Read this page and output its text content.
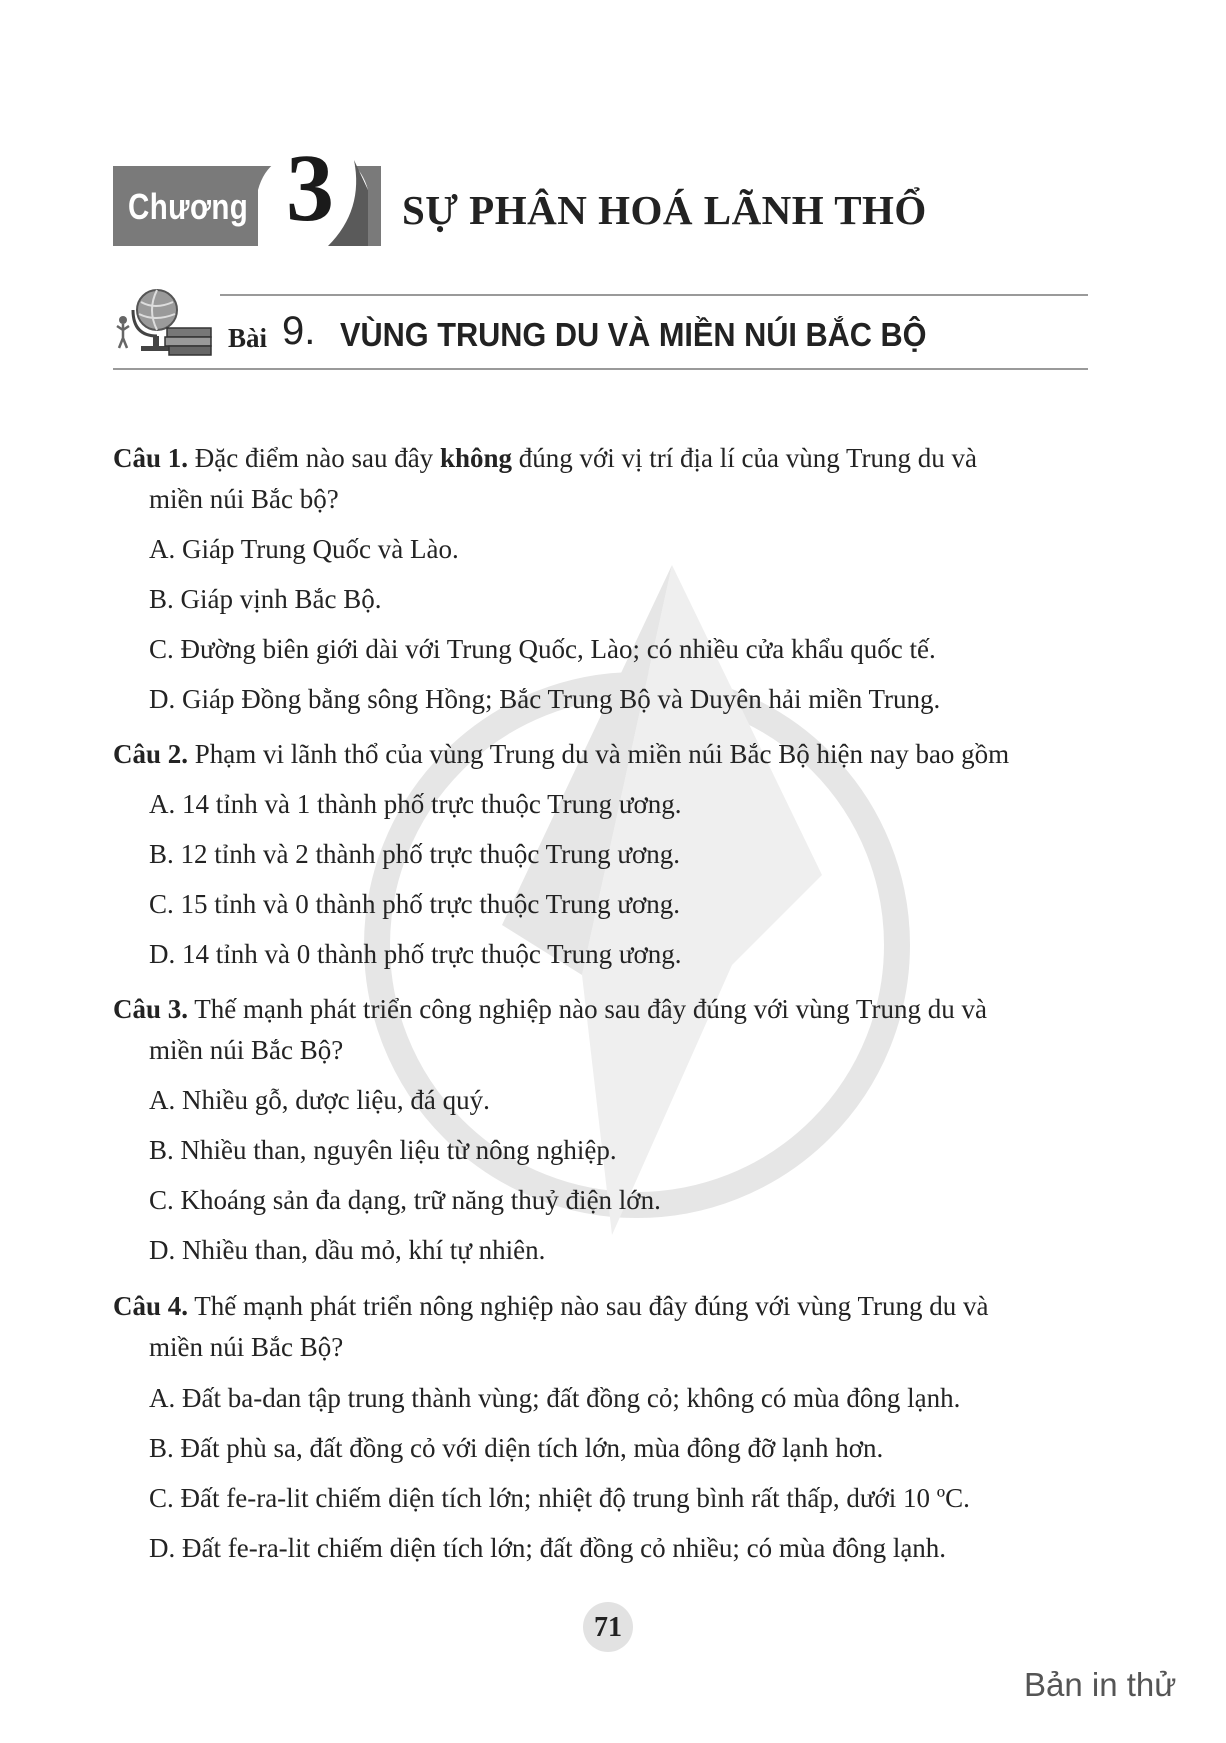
Chương 3	SỰ PHÂN HOÁ LÃNH THỔ
Bài 9. VÙNG TRUNG DU VÀ MIỀN NÚI BẮC BỘ
Câu 1. Đặc điểm nào sau đây không đúng với vị trí địa lí của vùng Trung du và
miền núi Bắc bộ?
A. Giáp Trung Quốc và Lào.
B. Giáp vịnh Bắc Bộ.
C. Đường biên giới dài với Trung Quốc, Lào; có nhiều cửa khẩu quốc tế.
D. Giáp Đồng bằng sông Hồng; Bắc Trung Bộ và Duyên hải miền Trung.
Câu 2. Phạm vi lãnh thổ của vùng Trung du và miền núi Bắc Bộ hiện nay bao gồm
A. 14 tỉnh và 1 thành phố trực thuộc Trung ương.
B. 12 tỉnh và 2 thành phố trực thuộc Trung ương.
C. 15 tỉnh và 0 thành phố trực thuộc Trung ương.
D. 14 tỉnh và 0 thành phố trực thuộc Trung ương.
Câu 3. Thế mạnh phát triển công nghiệp nào sau đây đúng với vùng Trung du và
miền núi Bắc Bộ?
A. Nhiều gỗ, dược liệu, đá quý.
B. Nhiều than, nguyên liệu từ nông nghiệp.
C. Khoáng sản đa dạng, trữ năng thuỷ điện lớn.
D. Nhiều than, dầu mỏ, khí tự nhiên.
Câu 4. Thế mạnh phát triển nông nghiệp nào sau đây đúng với vùng Trung du và
miền núi Bắc Bộ?
A. Đất ba-dan tập trung thành vùng; đất đồng cỏ; không có mùa đông lạnh.
B. Đất phù sa, đất đồng cỏ với diện tích lớn, mùa đông đỡ lạnh hơn.
C. Đất fe-ra-lit chiếm diện tích lớn; nhiệt độ trung bình rất thấp, dưới 10 ºC.
D. Đất fe-ra-lit chiếm diện tích lớn; đất đồng cỏ nhiều; có mùa đông lạnh.
71
Bản in thử
